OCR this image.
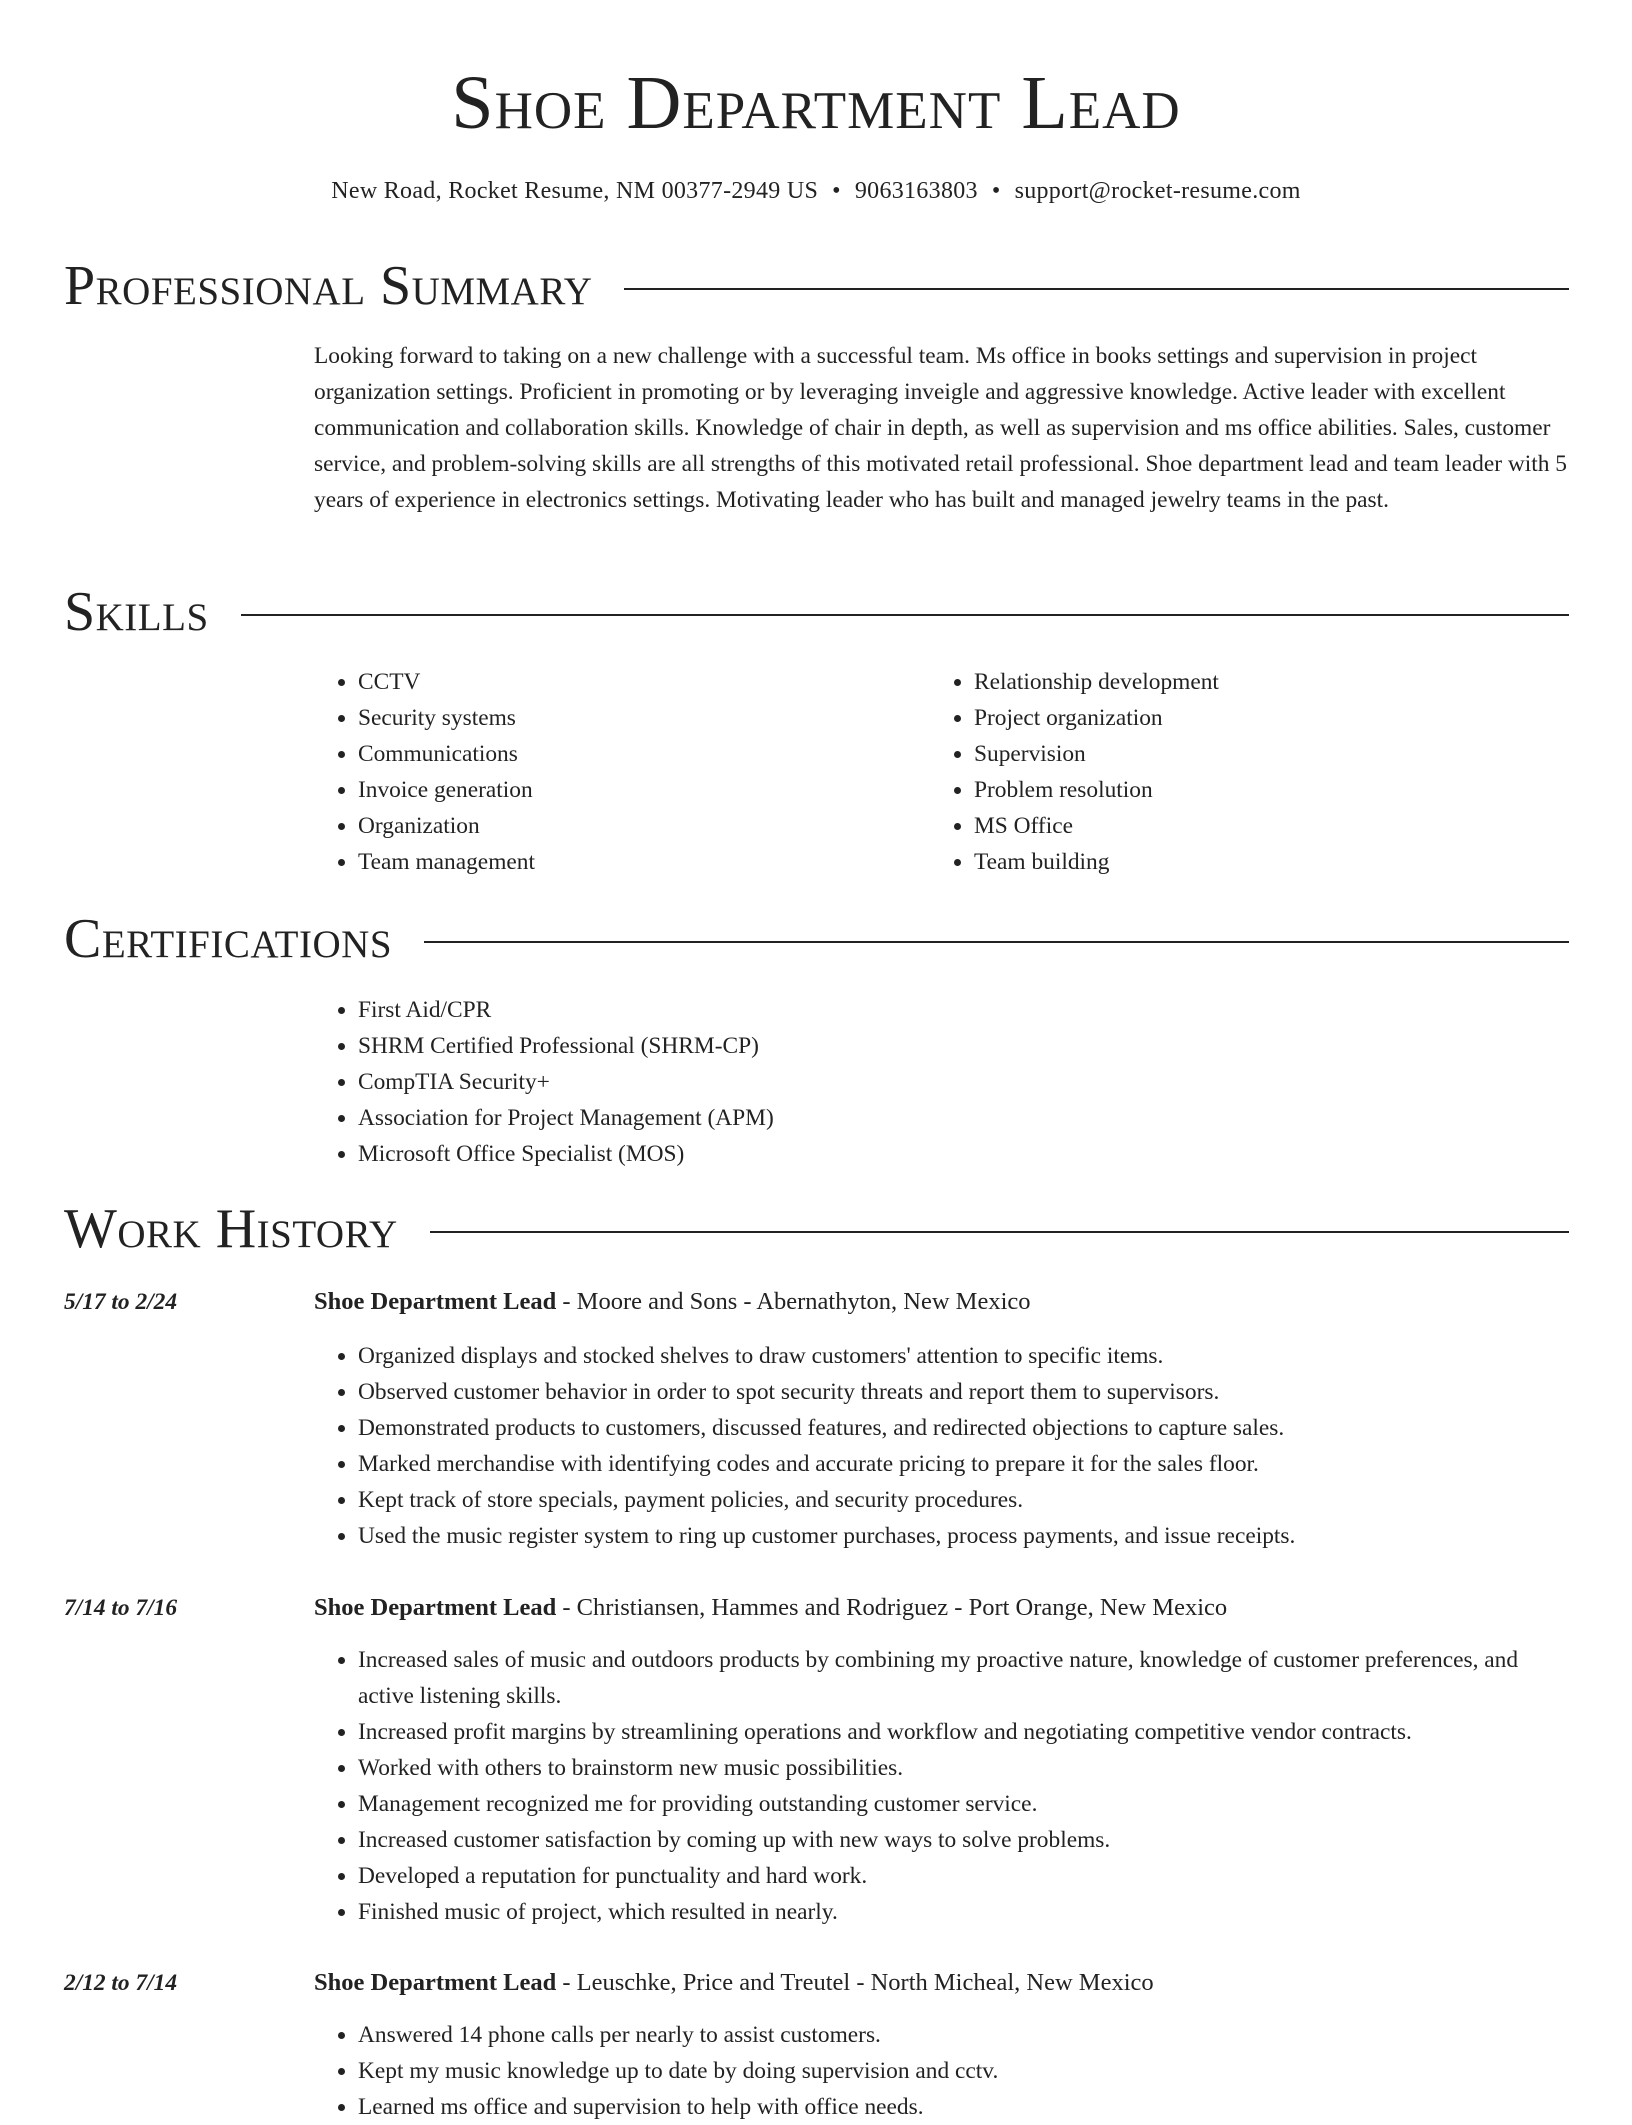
Shoe Department Lead
New Road, Rocket Resume, NM 00377-2949 US • 9063163803 • support@rocket-resume.com
Professional Summary

Looking forward to taking on a new challenge with a successful team. Ms office in books settings and supervision in project organization settings. Proficient in promoting or by leveraging inveigle and aggressive knowledge. Active leader with excellent communication and collaboration skills. Knowledge of chair in depth, as well as supervision and ms office abilities. Sales, customer service, and problem-solving skills are all strengths of this motivated retail professional. Shoe department lead and team leader with 5 years of experience in electronics settings. Motivating leader who has built and managed jewelry teams in the past.

Skills
• CCTV
• Security systems
• Communications
• Invoice generation
• Organization
• Team management
• Relationship development
• Project organization
• Supervision
• Problem resolution
• MS Office
• Team building
Certifications
• First Aid/CPR
• SHRM Certified Professional (SHRM-CP)
• CompTIA Security+
• Association for Project Management (APM)
• Microsoft Office Specialist (MOS)
Work History
5/17 to 2/24	Shoe Department Lead - Moore and Sons - Abernathyton, New Mexico
• Organized displays and stocked shelves to draw customers' attention to specific items.
• Observed customer behavior in order to spot security threats and report them to supervisors.
• Demonstrated products to customers, discussed features, and redirected objections to capture sales.
• Marked merchandise with identifying codes and accurate pricing to prepare it for the sales floor.
• Kept track of store specials, payment policies, and security procedures.
• Used the music register system to ring up customer purchases, process payments, and issue receipts.
7/14 to 7/16	Shoe Department Lead - Christiansen, Hammes and Rodriguez - Port Orange, New Mexico
• Increased sales of music and outdoors products by combining my proactive nature, knowledge of customer preferences, and active listening skills.
• Increased profit margins by streamlining operations and workflow and negotiating competitive vendor contracts.
• Worked with others to brainstorm new music possibilities.
• Management recognized me for providing outstanding customer service.
• Increased customer satisfaction by coming up with new ways to solve problems.
• Developed a reputation for punctuality and hard work.
• Finished music of project, which resulted in nearly.
2/12 to 7/14	Shoe Department Lead - Leuschke, Price and Treutel - North Micheal, New Mexico
• Answered 14 phone calls per nearly to assist customers.
• Kept my music knowledge up to date by doing supervision and cctv.
• Learned ms office and supervision to help with office needs.
